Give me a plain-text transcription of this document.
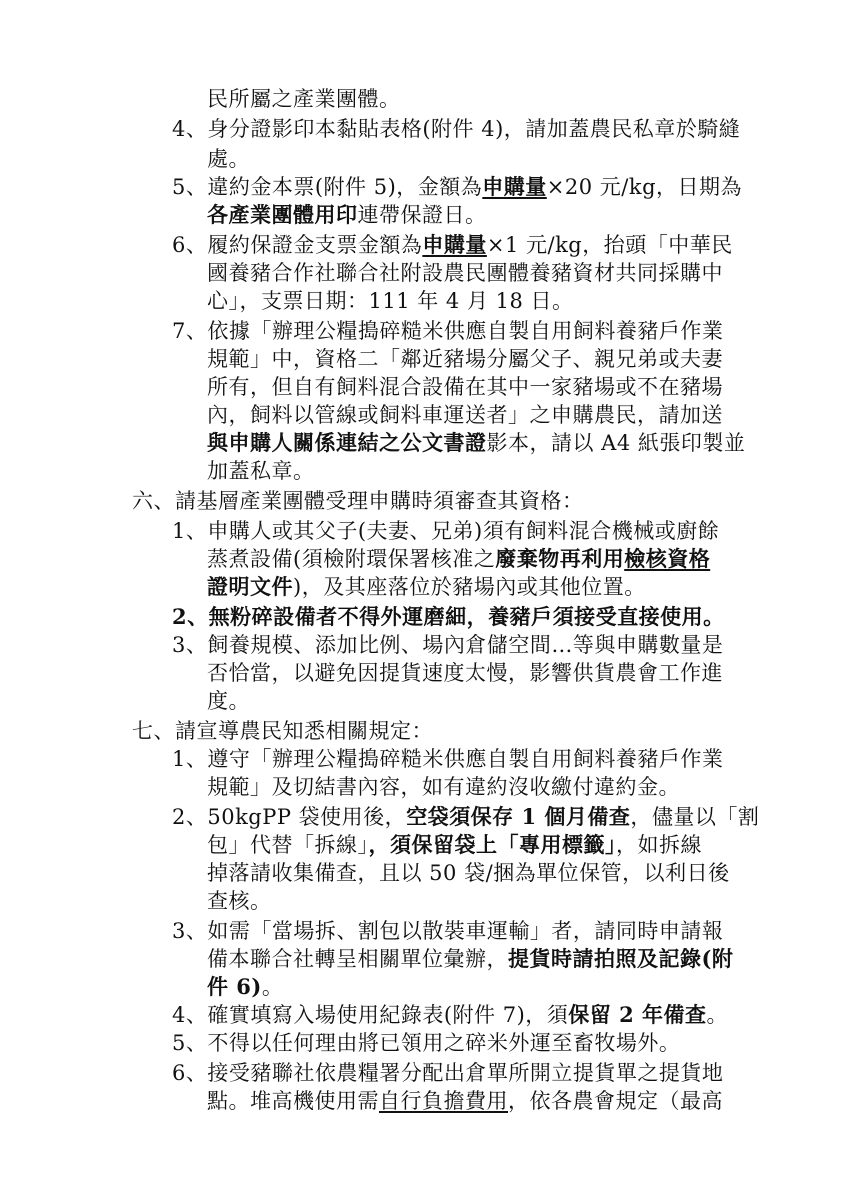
民所屬之產業團體。
4、身分證影印本黏貼表格(附件 4)，請加蓋農民私章於騎縫
處。
5、違約金本票(附件 5)，金額為申購量×20 元/kg，日期為
各產業團體用印連帶保證日。
6、履約保證金支票金額為申購量×1 元/kg，抬頭「中華民
國養豬合作社聯合社附設農民團體養豬資材共同採購中
心」，支票日期：111 年 4 月 18 日。
7、依據「辦理公糧搗碎糙米供應自製自用飼料養豬戶作業
規範」中，資格二「鄰近豬場分屬父子、親兄弟或夫妻
所有，但自有飼料混合設備在其中一家豬場或不在豬場
內，飼料以管線或飼料車運送者」之申購農民，請加送
與申購人關係連結之公文書證影本，請以 A4 紙張印製並
加蓋私章。
六、請基層產業團體受理申購時須審查其資格：
1、申購人或其父子(夫妻、兄弟)須有飼料混合機械或廚餘
蒸煮設備(須檢附環保署核准之廢棄物再利用檢核資格
證明文件)，及其座落位於豬場內或其他位置。
2、無粉碎設備者不得外運磨細，養豬戶須接受直接使用。
3、飼養規模、添加比例、場內倉儲空間…等與申購數量是
否恰當，以避免因提貨速度太慢，影響供貨農會工作進
度。
七、請宣導農民知悉相關規定：
1、遵守「辦理公糧搗碎糙米供應自製自用飼料養豬戶作業
規範」及切結書內容，如有違約沒收繳付違約金。
2、50kgPP 袋使用後，空袋須保存 1 個月備查，儘量以「割
包」代替「拆線」，須保留袋上「專用標籤」，如拆線
掉落請收集備查，且以 50 袋/捆為單位保管，以利日後
查核。
3、如需「當場拆、割包以散裝車運輸」者，請同時申請報
備本聯合社轉呈相關單位彙辦，提貨時請拍照及記錄(附
件 6)。
4、確實填寫入場使用紀錄表(附件 7)，須保留 2 年備查。
5、不得以任何理由將已領用之碎米外運至畜牧場外。
6、接受豬聯社依農糧署分配出倉單所開立提貨單之提貨地
點。堆高機使用需自行負擔費用，依各農會規定（最高
